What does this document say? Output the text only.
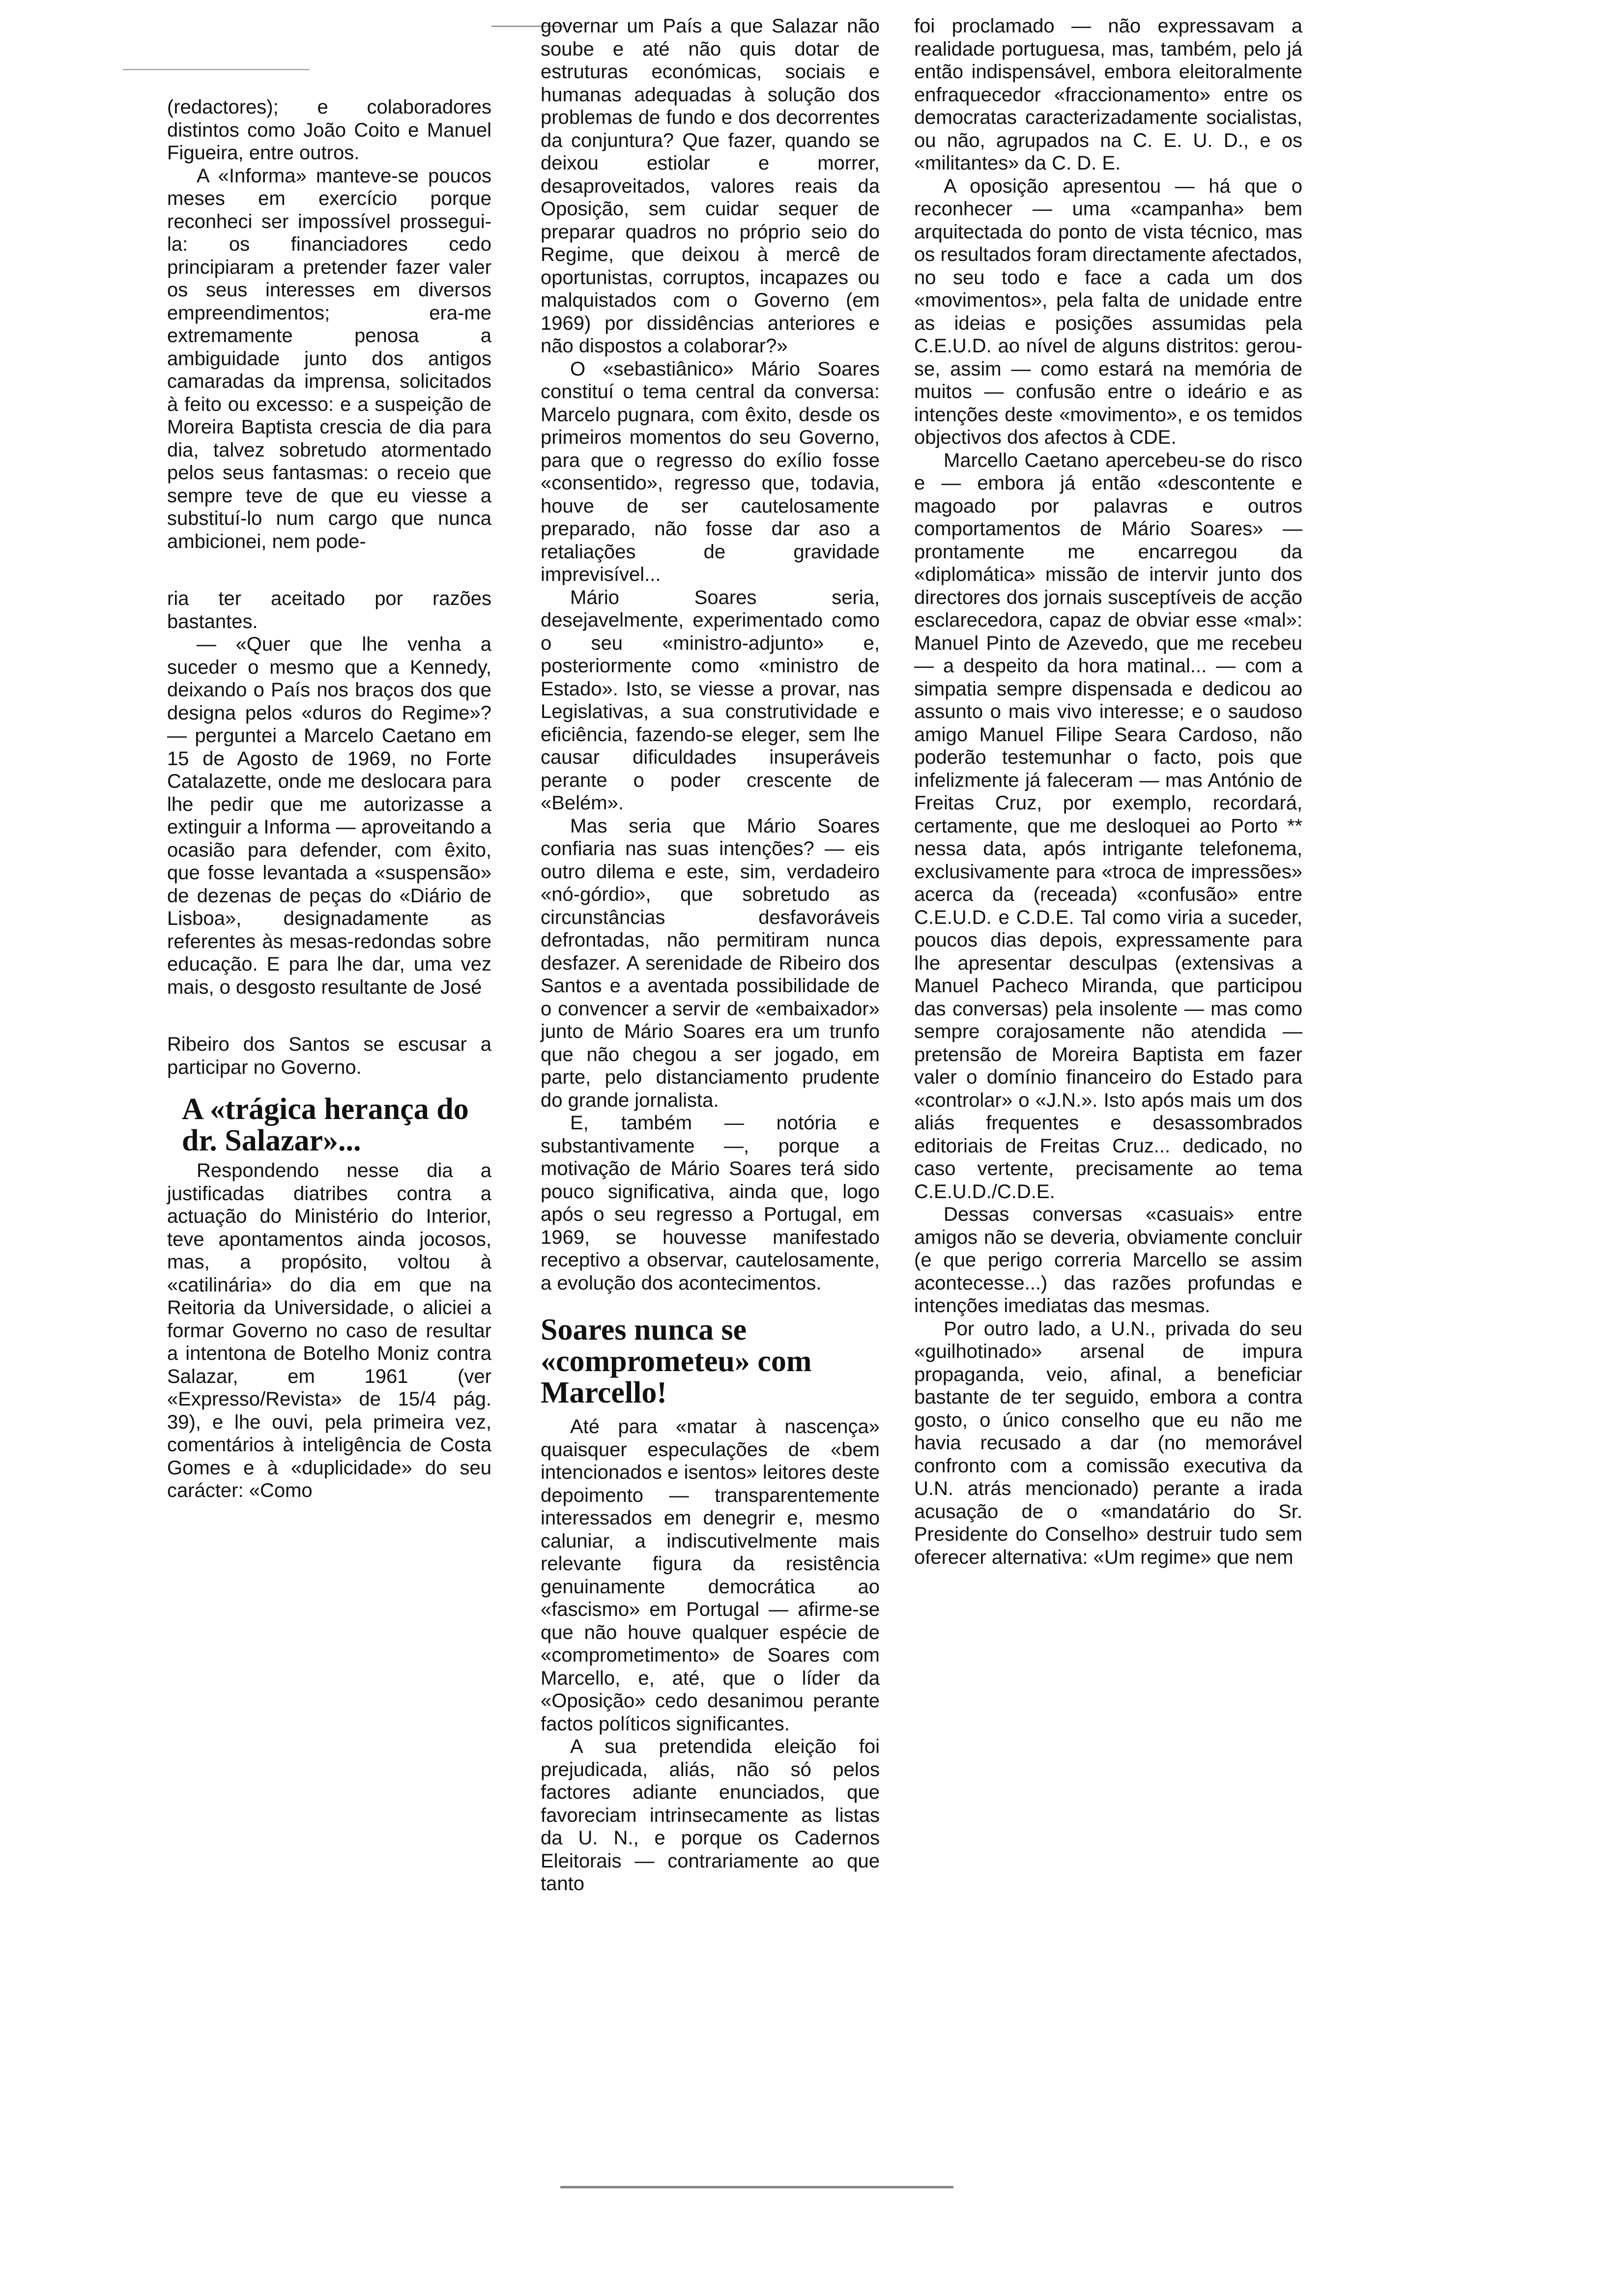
(redactores); e colaboradores distintos como João Coito e Manuel Figueira, entre outros.

A «Informa» manteve-se poucos meses em exercício porque reconheci ser impossível prossegui-la: os financiadores cedo principiaram a pretender fazer valer os seus interesses em diversos empreendimentos; era-me extremamente penosa a ambiguidade junto dos antigos camaradas da imprensa, solicitados à feito ou excesso: e a suspeição de Moreira Baptista crescia de dia para dia, talvez sobretudo atormentado pelos seus fantasmas: o receio que sempre teve de que eu viesse a substituí-lo num cargo que nunca ambicionei, nem pode-

ria ter aceitado por razões bastantes.

— «Quer que lhe venha a suceder o mesmo que a Kennedy, deixando o País nos braços dos que designa pelos «duros do Regime»? — perguntei a Marcelo Caetano em 15 de Agosto de 1969, no Forte Catalazette, onde me deslocara para lhe pedir que me autorizasse a extinguir a Informa — aproveitando a ocasião para defender, com êxito, que fosse levantada a «suspensão» de dezenas de peças do «Diário de Lisboa», designadamente as referentes às mesas-redondas sobre educação. E para lhe dar, uma vez mais, o desgosto resultante de José

Ribeiro dos Santos se escusar a participar no Governo.

A «trágica herança do dr. Salazar»...

Respondendo nesse dia a justificadas diatribes contra a actuação do Ministério do Interior, teve apontamentos ainda jocosos, mas, a propósito, voltou à «catilinária» do dia em que na Reitoria da Universidade, o aliciei a formar Governo no caso de resultar a intentona de Botelho Moniz contra Salazar, em 1961 (ver «Expresso/Revista» de 15/4 pág. 39), e lhe ouvi, pela primeira vez, comentários à inteligência de Costa Gomes e à «duplicidade» do seu carácter: «Como

governar um País a que Salazar não soube e até não quis dotar de estruturas económicas, sociais e humanas adequadas à solução dos problemas de fundo e dos decorrentes da conjuntura? Que fazer, quando se deixou estiolar e morrer, desaproveitados, valores reais da Oposição, sem cuidar sequer de preparar quadros no próprio seio do Regime, que deixou à mercê de oportunistas, corruptos, incapazes ou malquistados com o Governo (em 1969) por dissidências anteriores e não dispostos a colaborar?»

O «sebastiânico» Mário Soares constituí o tema central da conversa: Marcelo pugnara, com êxito, desde os primeiros momentos do seu Governo, para que o regresso do exílio fosse «consentido», regresso que, todavia, houve de ser cautelosamente preparado, não fosse dar aso a retaliações de gravidade imprevisível...

Mário Soares seria, desejavelmente, experimentado como o seu «ministro-adjunto» e, posteriormente como «ministro de Estado». Isto, se viesse a provar, nas Legislativas, a sua construtividade e eficiência, fazendo-se eleger, sem lhe causar dificuldades insuperáveis perante o poder crescente de «Belém».

Mas seria que Mário Soares confiaria nas suas intenções? — eis outro dilema e este, sim, verdadeiro «nó-górdio», que sobretudo as circunstâncias desfavoráveis defrontadas, não permitiram nunca desfazer. A serenidade de Ribeiro dos Santos e a aventada possibilidade de o convencer a servir de «embaixador» junto de Mário Soares era um trunfo que não chegou a ser jogado, em parte, pelo distanciamento prudente do grande jornalista.

E, também — notória e substantivamente —, porque a motivação de Mário Soares terá sido pouco significativa, ainda que, logo após o seu regresso a Portugal, em 1969, se houvesse manifestado receptivo a observar, cautelosamente, a evolução dos acontecimentos.

Soares nunca se «comprometeu» com Marcello!

Até para «matar à nascença» quaisquer especulações de «bem intencionados e isentos» leitores deste depoimento — transparentemente interessados em denegrir e, mesmo caluniar, a indiscutivelmente mais relevante figura da resistência genuinamente democrática ao «fascismo» em Portugal — afirme-se que não houve qualquer espécie de «comprometimento» de Soares com Marcello, e, até, que o líder da «Oposição» cedo desanimou perante factos políticos significantes.

A sua pretendida eleição foi prejudicada, aliás, não só pelos factores adiante enunciados, que favoreciam intrinsecamente as listas da U. N., e porque os Cadernos Eleitorais — contrariamente ao que tanto

foi proclamado — não expressavam a realidade portuguesa, mas, também, pelo já então indispensável, embora eleitoralmente enfraquecedor «fraccionamento» entre os democratas caracterizadamente socialistas, ou não, agrupados na C. E. U. D., e os «militantes» da C. D. E.

A oposição apresentou — há que o reconhecer — uma «campanha» bem arquitectada do ponto de vista técnico, mas os resultados foram directamente afectados, no seu todo e face a cada um dos «movimentos», pela falta de unidade entre as ideias e posições assumidas pela C.E.U.D. ao nível de alguns distritos: gerou-se, assim — como estará na memória de muitos — confusão entre o ideário e as intenções deste «movimento», e os temidos objectivos dos afectos à CDE.

Marcello Caetano apercebeu-se do risco e — embora já então «descontente e magoado por palavras e outros comportamentos de Mário Soares» — prontamente me encarregou da «diplomática» missão de intervir junto dos directores dos jornais susceptíveis de acção esclarecedora, capaz de obviar esse «mal»: Manuel Pinto de Azevedo, que me recebeu — a despeito da hora matinal... — com a simpatia sempre dispensada e dedicou ao assunto o mais vivo interesse; e o saudoso amigo Manuel Filipe Seara Cardoso, não poderão testemunhar o facto, pois que infelizmente já faleceram — mas António de Freitas Cruz, por exemplo, recordará, certamente, que me desloquei ao Porto ** nessa data, após intrigante telefonema, exclusivamente para «troca de impressões» acerca da (receada) «confusão» entre C.E.U.D. e C.D.E. Tal como viria a suceder, poucos dias depois, expressamente para lhe apresentar desculpas (extensivas a Manuel Pacheco Miranda, que participou das conversas) pela insolente — mas como sempre corajosamente não atendida — pretensão de Moreira Baptista em fazer valer o domínio financeiro do Estado para «controlar» o «J.N.». Isto após mais um dos aliás frequentes e desassombrados editoriais de Freitas Cruz... dedicado, no caso vertente, precisamente ao tema C.E.U.D./C.D.E.

Dessas conversas «casuais» entre amigos não se deveria, obviamente concluir (e que perigo correria Marcello se assim acontecesse...) das razões profundas e intenções imediatas das mesmas.

Por outro lado, a U.N., privada do seu «guilhotinado» arsenal de impura propaganda, veio, afinal, a beneficiar bastante de ter seguido, embora a contra gosto, o único conselho que eu não me havia recusado a dar (no memorável confronto com a comissão executiva da U.N. atrás mencionado) perante a irada acusação de o «mandatário do Sr. Presidente do Conselho» destruir tudo sem oferecer alternativa: «Um regime» que nem
